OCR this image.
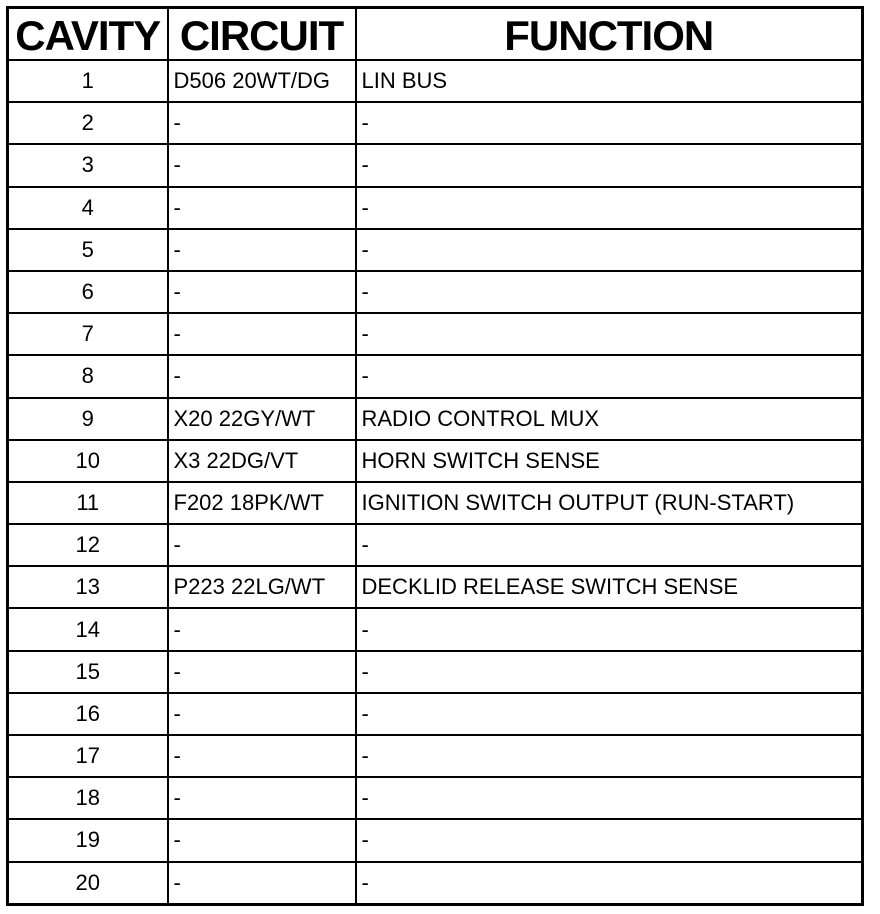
CAVITY	CIRCUIT	FUNCTION
1	D506 20WT/DG	LIN BUS
2	-	-
3	-	-
4	-	-
5	-	-
6	-	-
7	-	-
8	-	-
9	X20 22GY/WT	RADIO CONTROL MUX
10	X3 22DG/VT	HORN SWITCH SENSE
11	F202 18PK/WT	IGNITION SWITCH OUTPUT (RUN-START)
12	-	-
13	P223 22LG/WT	DECKLID RELEASE SWITCH SENSE
14	-	-
15	-	-
16	-	-
17	-	-
18	-	-
19	-	-
20	-	-
